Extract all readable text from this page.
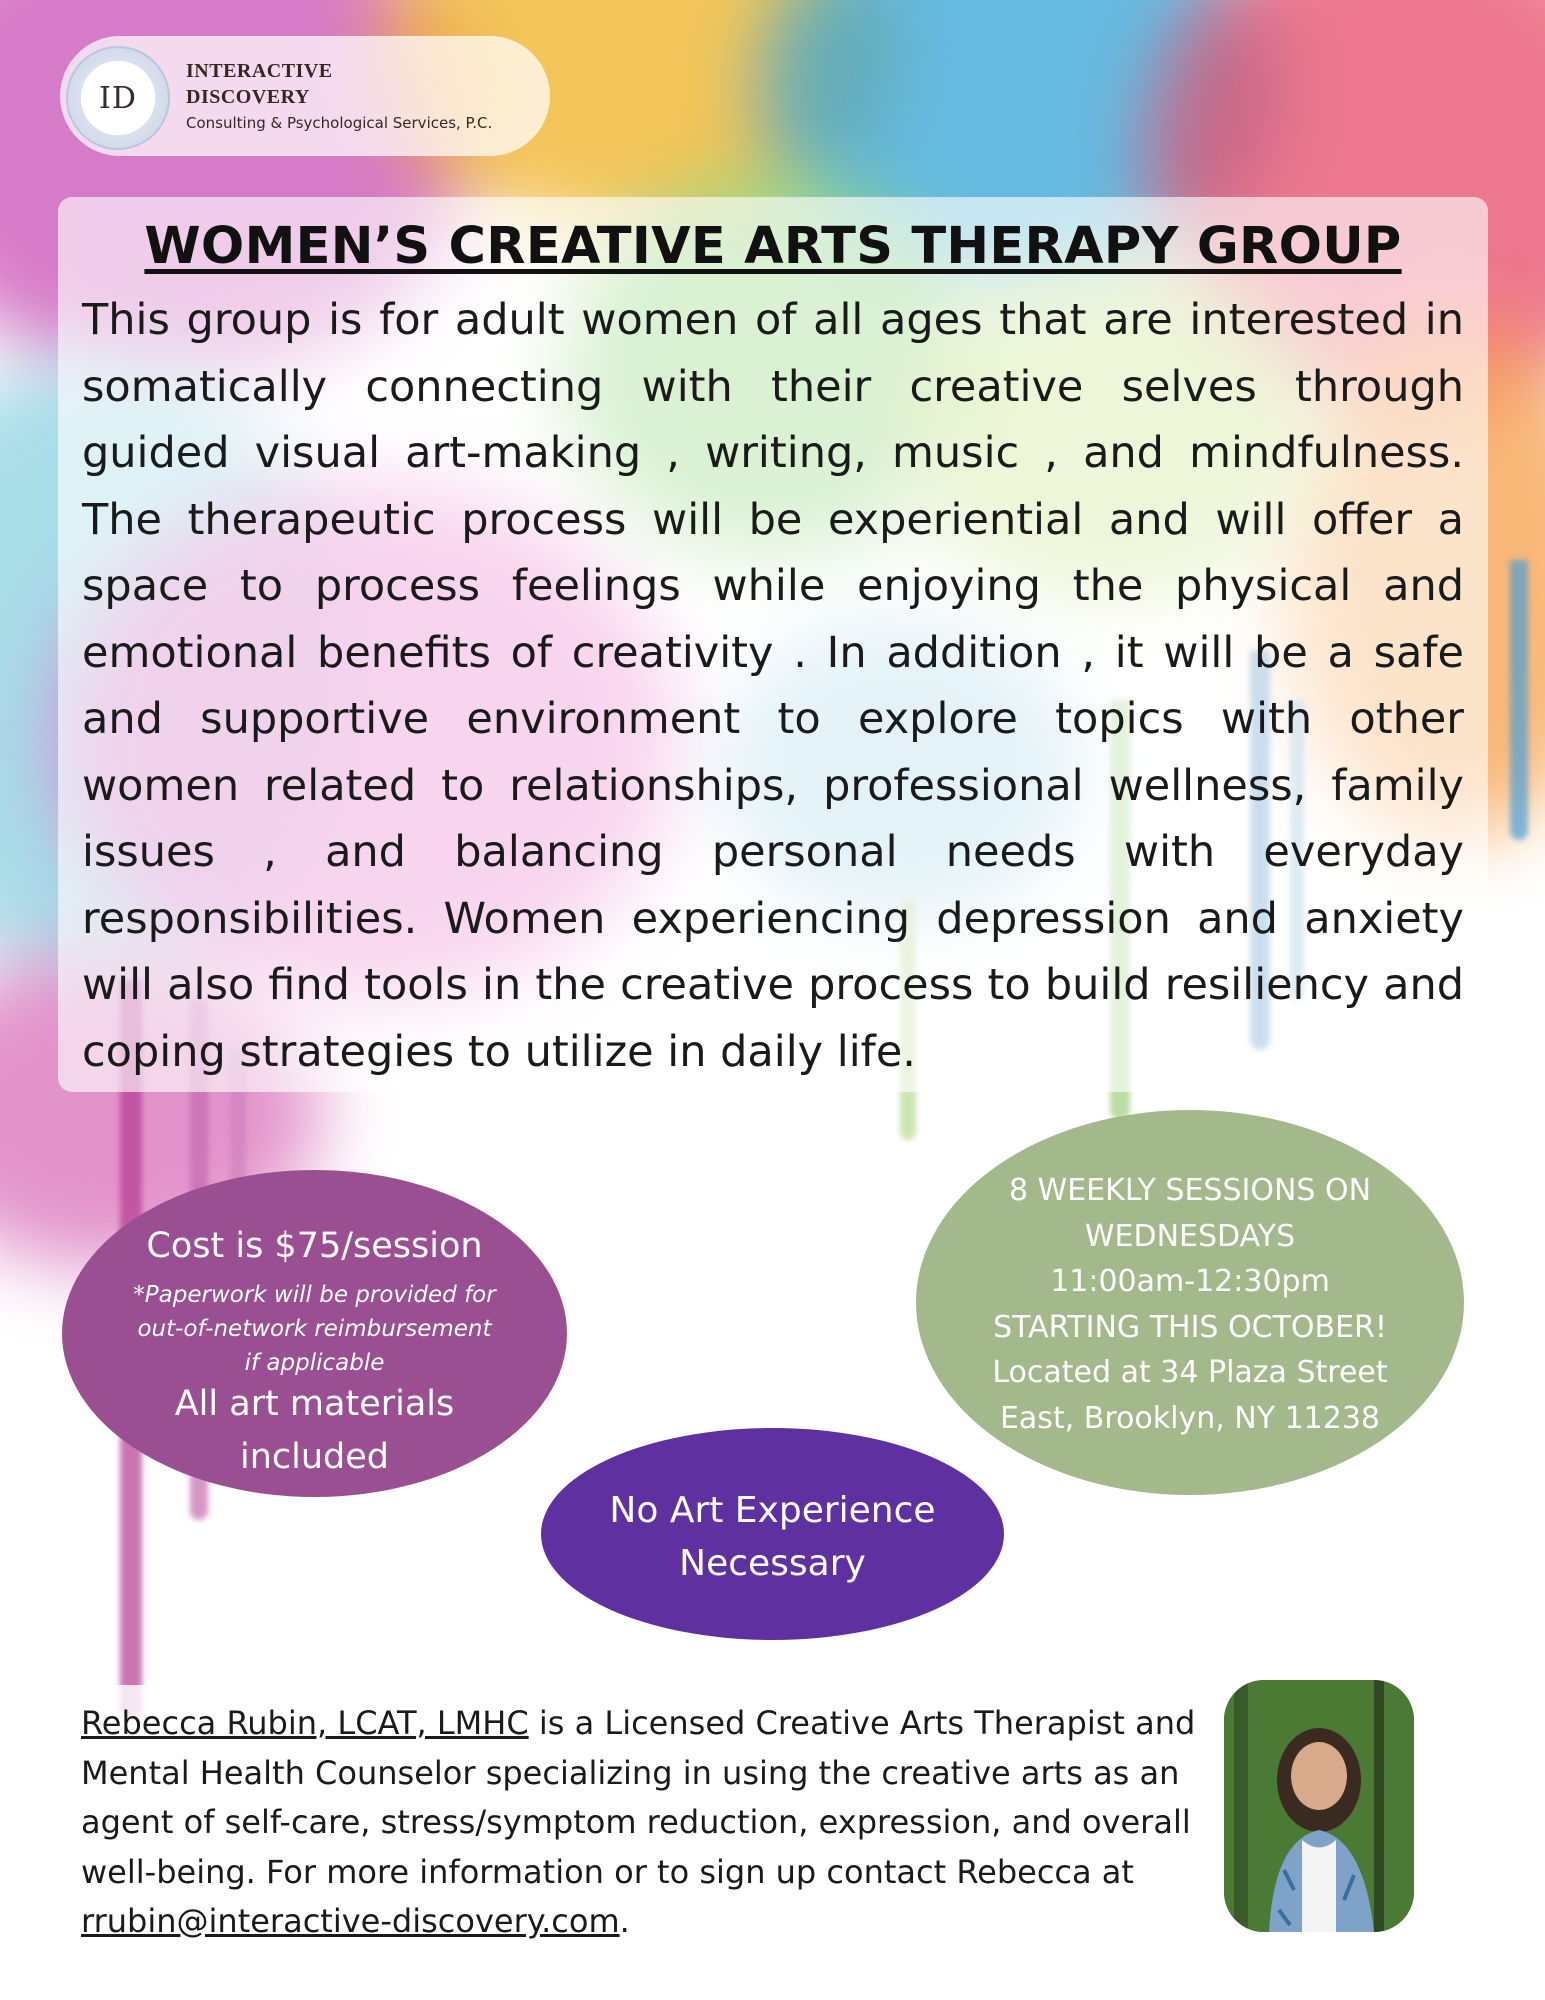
ID
INTERACTIVE
DISCOVERY
Consulting & Psychological Services, P.C.
WOMEN’S CREATIVE ARTS THERAPY GROUP
This group is for adult women of all ages that are interested in somatically connecting with their creative selves through guided visual art-making , writing, music , and mindfulness. The therapeutic process will be experiential and will offer a space to process feelings while enjoying the physical and emotional benefits of creativity . In addition , it will be a safe and supportive environment to explore topics with other women related to relationships, professional wellness, family issues , and balancing personal needs with everyday responsibilities. Women experiencing depression and anxiety will also find tools in the creative process to build resiliency and coping strategies to utilize in daily life.
Cost is $75/session
*Paperwork will be provided for
out-of-network reimbursement
if applicable
All art materials
included
8 WEEKLY SESSIONS ON
WEDNESDAYS
11:00am-12:30pm
STARTING THIS OCTOBER!
Located at 34 Plaza Street
East, Brooklyn, NY 11238
No Art Experience
Necessary
Rebecca Rubin, LCAT, LMHC is a Licensed Creative Arts Therapist and Mental Health Counselor specializing in using the creative arts as an agent of self-care, stress/symptom reduction, expression, and overall well-being. For more information or to sign up contact Rebecca at rrubin@interactive-discovery.com.
